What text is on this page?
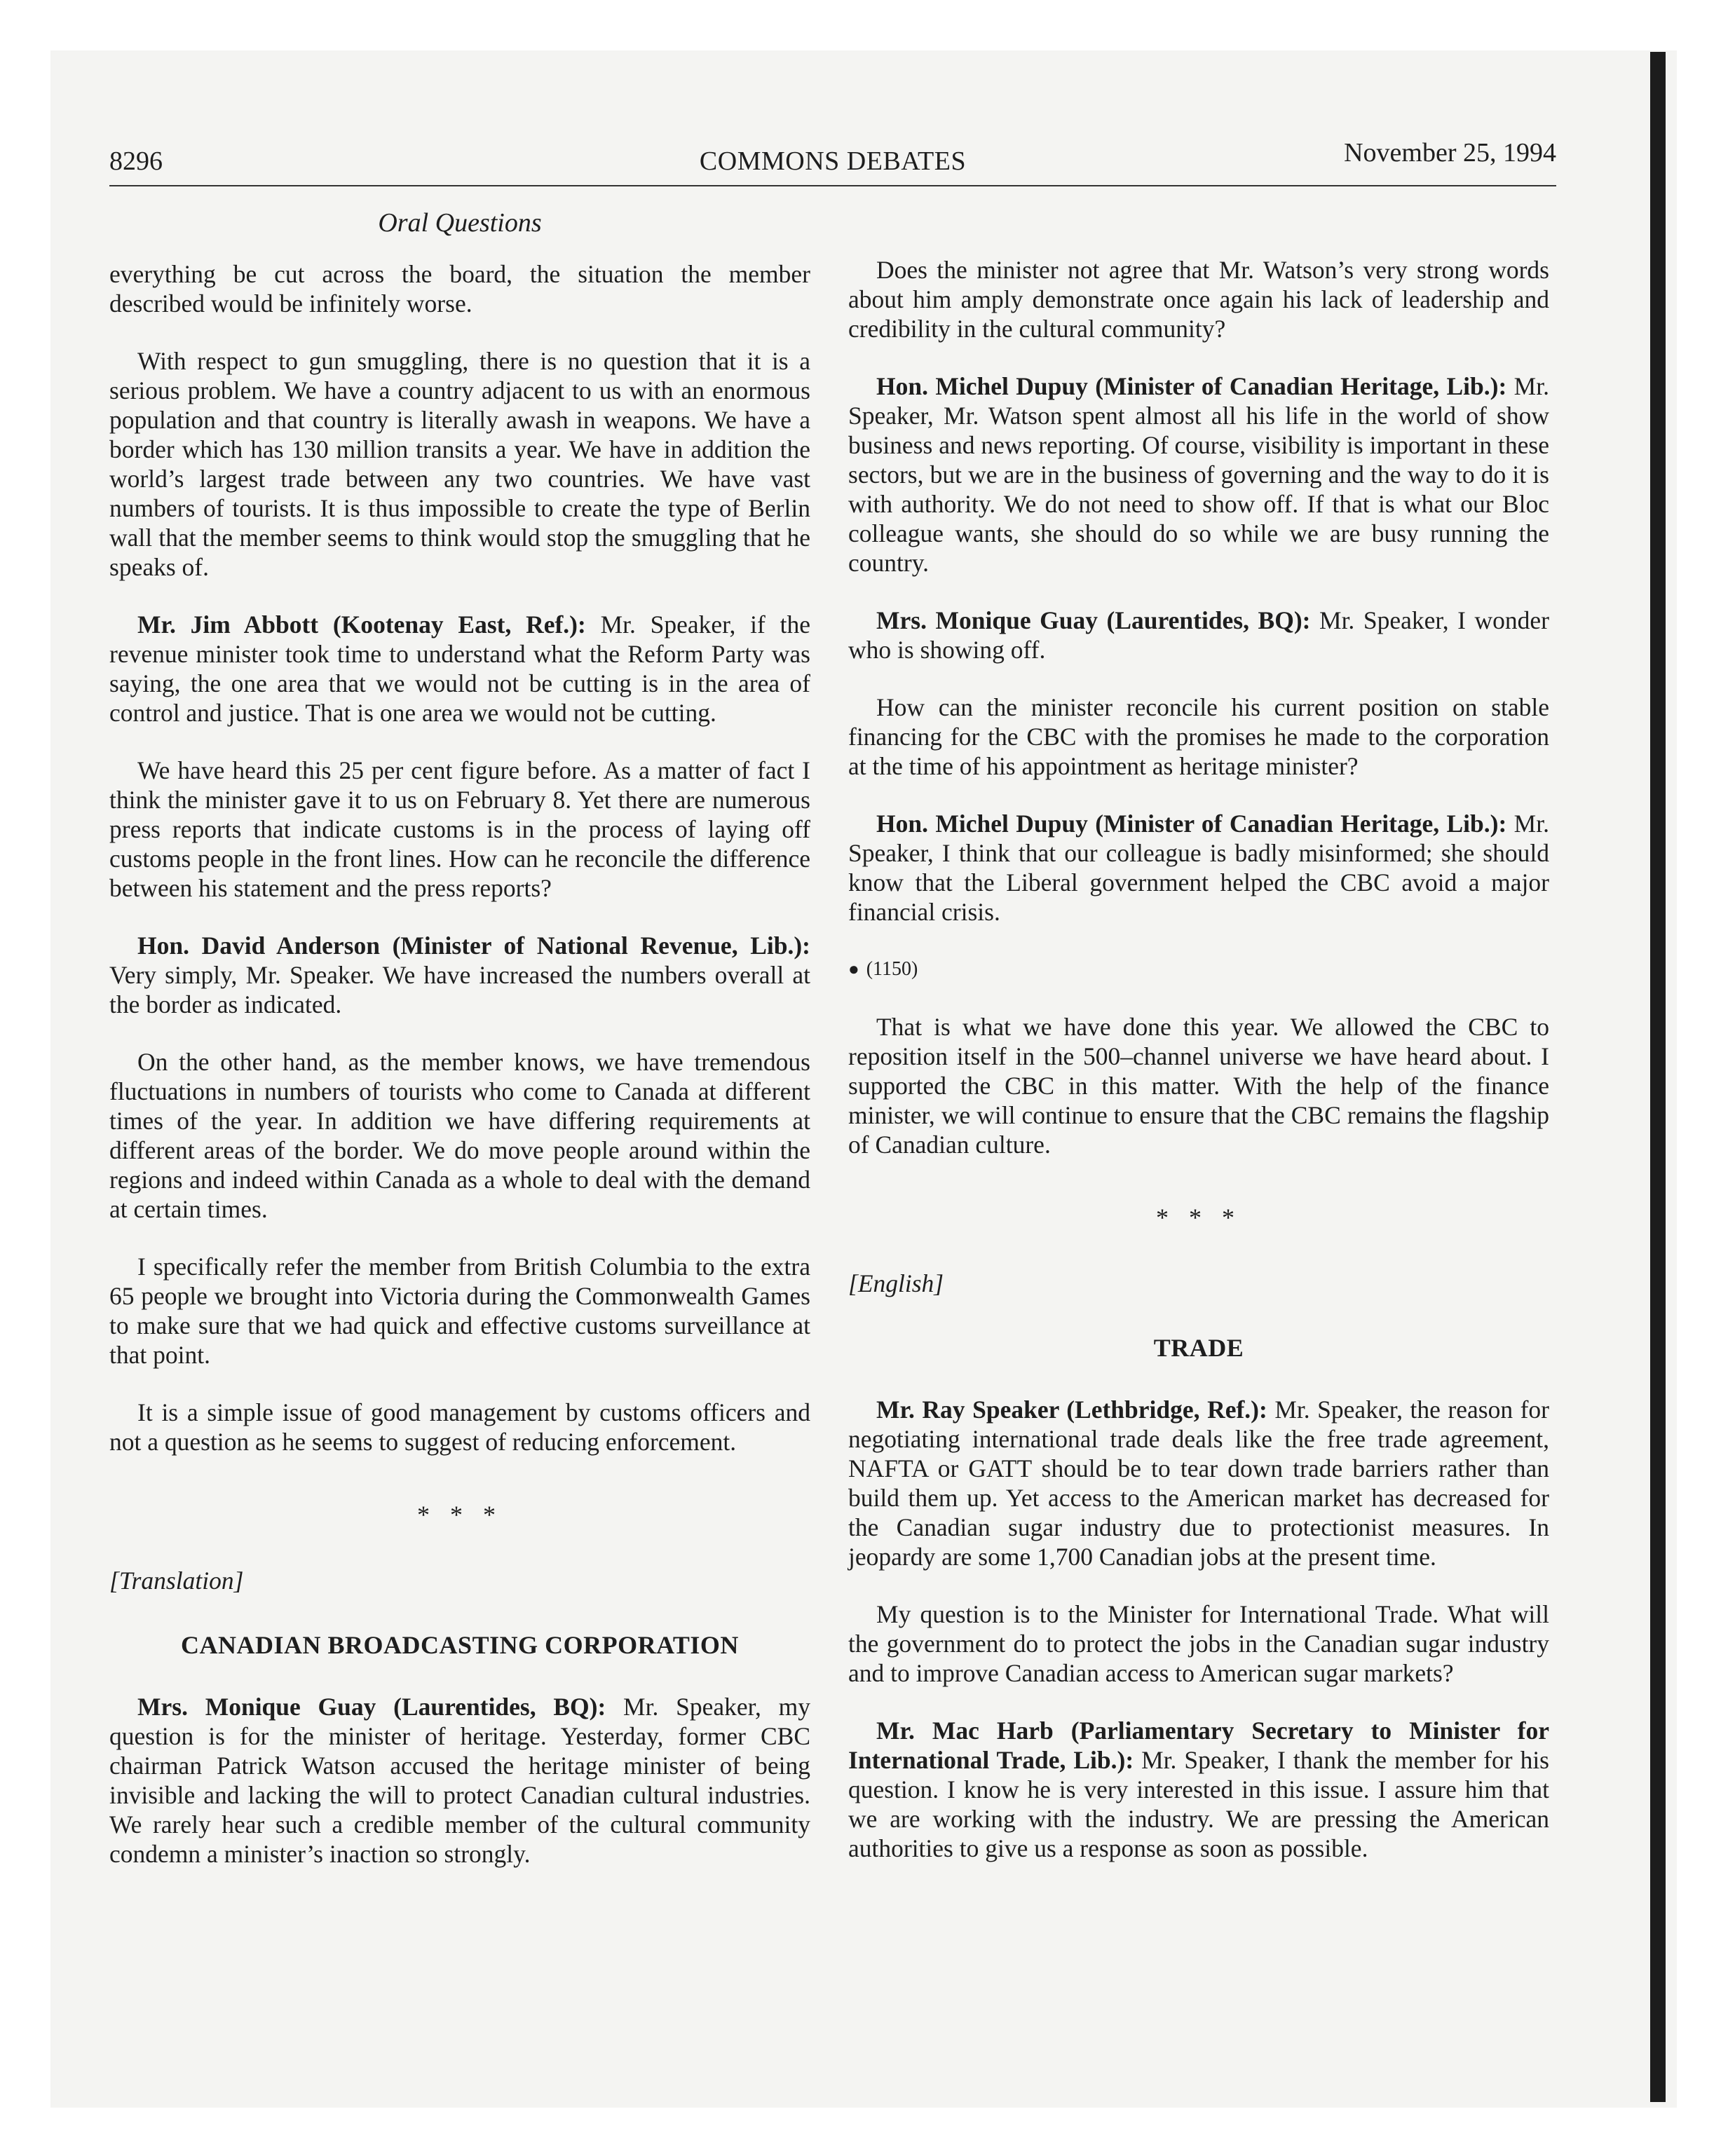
8296	COMMONS DEBATES	November 25, 1994
Oral Questions

everything be cut across the board, the situation the member described would be infinitely worse.

With respect to gun smuggling, there is no question that it is a serious problem. We have a country adjacent to us with an enormous population and that country is literally awash in weapons. We have a border which has 130 million transits a year. We have in addition the world’s largest trade between any two countries. We have vast numbers of tourists. It is thus impossible to create the type of Berlin wall that the member seems to think would stop the smuggling that he speaks of.

Mr. Jim Abbott (Kootenay East, Ref.): Mr. Speaker, if the revenue minister took time to understand what the Reform Party was saying, the one area that we would not be cutting is in the area of control and justice. That is one area we would not be cutting.

We have heard this 25 per cent figure before. As a matter of fact I think the minister gave it to us on February 8. Yet there are numerous press reports that indicate customs is in the process of laying off customs people in the front lines. How can he reconcile the difference between his statement and the press reports?

Hon. David Anderson (Minister of National Revenue, Lib.): Very simply, Mr. Speaker. We have increased the numbers overall at the border as indicated.

On the other hand, as the member knows, we have tremendous fluctuations in numbers of tourists who come to Canada at different times of the year. In addition we have differing requirements at different areas of the border. We do move people around within the regions and indeed within Canada as a whole to deal with the demand at certain times.

I specifically refer the member from British Columbia to the extra 65 people we brought into Victoria during the Commonwealth Games to make sure that we had quick and effective customs surveillance at that point.

It is a simple issue of good management by customs officers and not a question as he seems to suggest of reducing enforcement.

* * *
[Translation]
CANADIAN BROADCASTING CORPORATION

Mrs. Monique Guay (Laurentides, BQ): Mr. Speaker, my question is for the minister of heritage. Yesterday, former CBC chairman Patrick Watson accused the heritage minister of being invisible and lacking the will to protect Canadian cultural industries. We rarely hear such a credible member of the cultural community condemn a minister’s inaction so strongly.

Does the minister not agree that Mr. Watson’s very strong words about him amply demonstrate once again his lack of leadership and credibility in the cultural community?

Hon. Michel Dupuy (Minister of Canadian Heritage, Lib.): Mr. Speaker, Mr. Watson spent almost all his life in the world of show business and news reporting. Of course, visibility is important in these sectors, but we are in the business of governing and the way to do it is with authority. We do not need to show off. If that is what our Bloc colleague wants, she should do so while we are busy running the country.

Mrs. Monique Guay (Laurentides, BQ): Mr. Speaker, I wonder who is showing off.

How can the minister reconcile his current position on stable financing for the CBC with the promises he made to the corporation at the time of his appointment as heritage minister?

Hon. Michel Dupuy (Minister of Canadian Heritage, Lib.): Mr. Speaker, I think that our colleague is badly misinformed; she should know that the Liberal government helped the CBC avoid a major financial crisis.

● (1150)

That is what we have done this year. We allowed the CBC to reposition itself in the 500–channel universe we have heard about. I supported the CBC in this matter. With the help of the finance minister, we will continue to ensure that the CBC remains the flagship of Canadian culture.

* * *
[English]
TRADE

Mr. Ray Speaker (Lethbridge, Ref.): Mr. Speaker, the reason for negotiating international trade deals like the free trade agreement, NAFTA or GATT should be to tear down trade barriers rather than build them up. Yet access to the American market has decreased for the Canadian sugar industry due to protectionist measures. In jeopardy are some 1,700 Canadian jobs at the present time.

My question is to the Minister for International Trade. What will the government do to protect the jobs in the Canadian sugar industry and to improve Canadian access to American sugar markets?

Mr. Mac Harb (Parliamentary Secretary to Minister for International Trade, Lib.): Mr. Speaker, I thank the member for his question. I know he is very interested in this issue. I assure him that we are working with the industry. We are pressing the American authorities to give us a response as soon as possible.
